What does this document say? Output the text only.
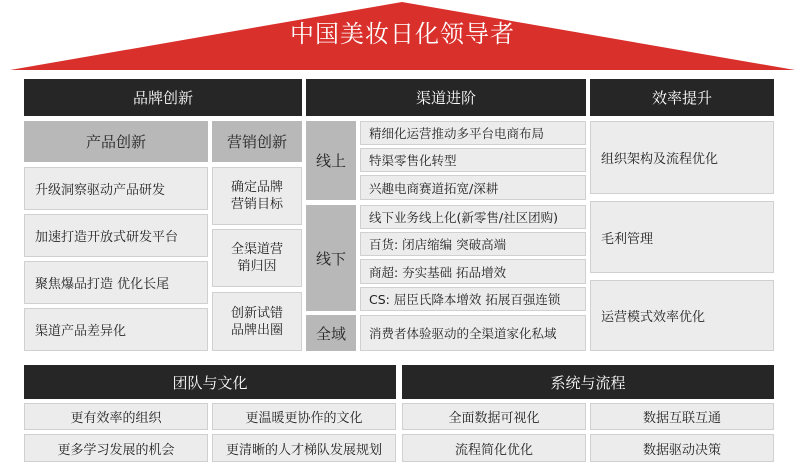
中国美妆日化领导者
品牌创新	渠道进阶	效率提升
产品创新
升级洞察驱动产品研发
加速打造开放式研发平台
聚焦爆品打造 优化长尾
渠道产品差异化
营销创新
确定品牌
营销目标
全渠道营
销归因
创新试错
品牌出圈
线上
精细化运营推动多平台电商布局
特渠零售化转型
兴趣电商赛道拓宽/深耕
线下
线下业务线上化(新零售/社区团购)
百货: 闭店缩编 突破高端
商超: 夯实基础 拓品增效
CS: 屈臣氏降本增效 拓展百强连锁
全域	消费者体验驱动的全渠道家化私域
组织架构及流程优化
毛利管理
运营模式效率优化
团队与文化
更有效率的组织	更温暖更协作的文化
更多学习发展的机会	更清晰的人才梯队发展规划
系统与流程
全面数据可视化	数据互联互通
流程简化优化	数据驱动决策
